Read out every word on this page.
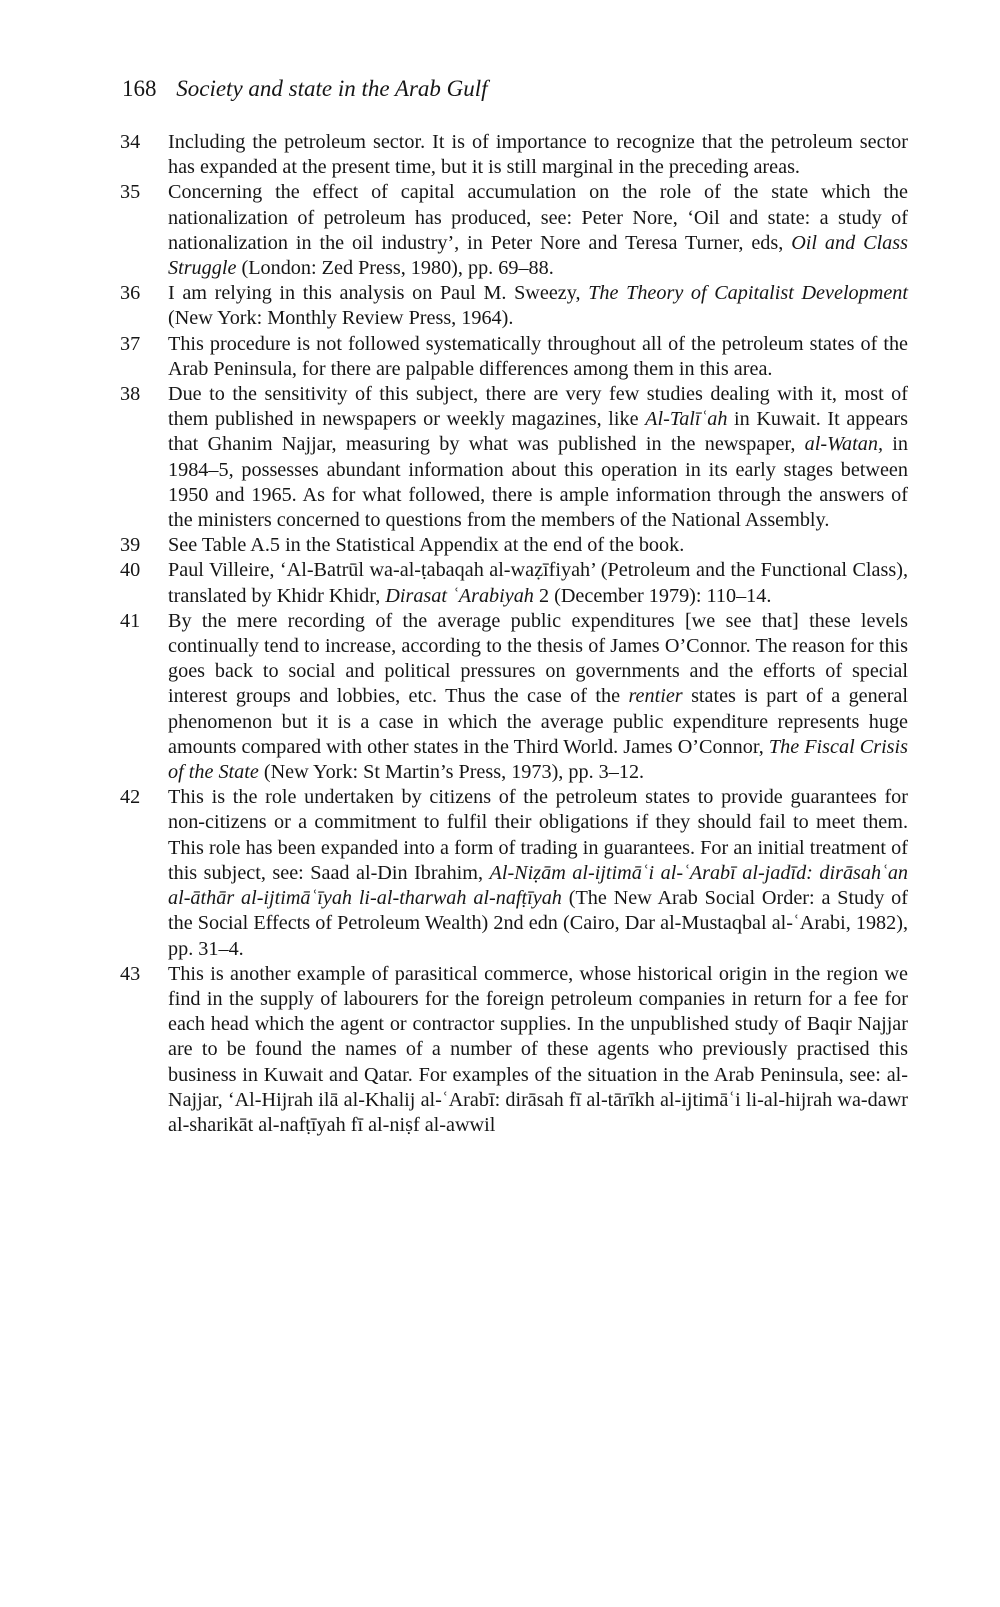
168 Society and state in the Arab Gulf
34	Including the petroleum sector. It is of importance to recognize that the petroleum sector has expanded at the present time, but it is still marginal in the preceding areas.
35	Concerning the effect of capital accumulation on the role of the state which the nationalization of petroleum has produced, see: Peter Nore, ‘Oil and state: a study of nationalization in the oil industry’, in Peter Nore and Teresa Turner, eds, Oil and Class Struggle (London: Zed Press, 1980), pp. 69–88.
36	I am relying in this analysis on Paul M. Sweezy, The Theory of Capitalist Development (New York: Monthly Review Press, 1964).
37	This procedure is not followed systematically throughout all of the petroleum states of the Arab Peninsula, for there are palpable differences among them in this area.
38	Due to the sensitivity of this subject, there are very few studies dealing with it, most of them published in newspapers or weekly magazines, like Al-Talīʿah in Kuwait. It appears that Ghanim Najjar, measuring by what was published in the newspaper, al-Watan, in 1984–5, possesses abundant information about this operation in its early stages between 1950 and 1965. As for what followed, there is ample information through the answers of the ministers concerned to questions from the members of the National Assembly.
39	See Table A.5 in the Statistical Appendix at the end of the book.
40	Paul Villeire, ‘Al-Batrūl wa-al-ṭabaqah al-waẓīfiyah’ (Petroleum and the Functional Class), translated by Khidr Khidr, Dirasat ʿArabiyah 2 (December 1979): 110–14.
41	By the mere recording of the average public expenditures [we see that] these levels continually tend to increase, according to the thesis of James O’Connor. The reason for this goes back to social and political pressures on governments and the efforts of special interest groups and lobbies, etc. Thus the case of the rentier states is part of a general phenomenon but it is a case in which the average public expenditure represents huge amounts compared with other states in the Third World. James O’Connor, The Fiscal Crisis of the State (New York: St Martin’s Press, 1973), pp. 3–12.
42	This is the role undertaken by citizens of the petroleum states to provide guarantees for non-citizens or a commitment to fulfil their obligations if they should fail to meet them. This role has been expanded into a form of trading in guarantees. For an initial treatment of this subject, see: Saad al-Din Ibrahim, Al-Niẓām al-ijtimāʿi al-ʿArabī al-jadīd: dirāsahʿan al-āthār al-ijtimāʿīyah li-al-tharwah al-nafṭīyah (The New Arab Social Order: a Study of the Social Effects of Petroleum Wealth) 2nd edn (Cairo, Dar al-Mustaqbal al-ʿArabi, 1982), pp. 31–4.
43	This is another example of parasitical commerce, whose historical origin in the region we find in the supply of labourers for the foreign petroleum companies in return for a fee for each head which the agent or contractor supplies. In the unpublished study of Baqir Najjar are to be found the names of a number of these agents who previously practised this business in Kuwait and Qatar. For examples of the situation in the Arab Peninsula, see: al-Najjar, ‘Al-Hijrah ilā al-Khalij al-ʿArabī: dirāsah fī al-tārīkh al-ijtimāʿi li-al-hijrah wa-dawr al-sharikāt al-nafṭīyah fī al-niṣf al-awwil
